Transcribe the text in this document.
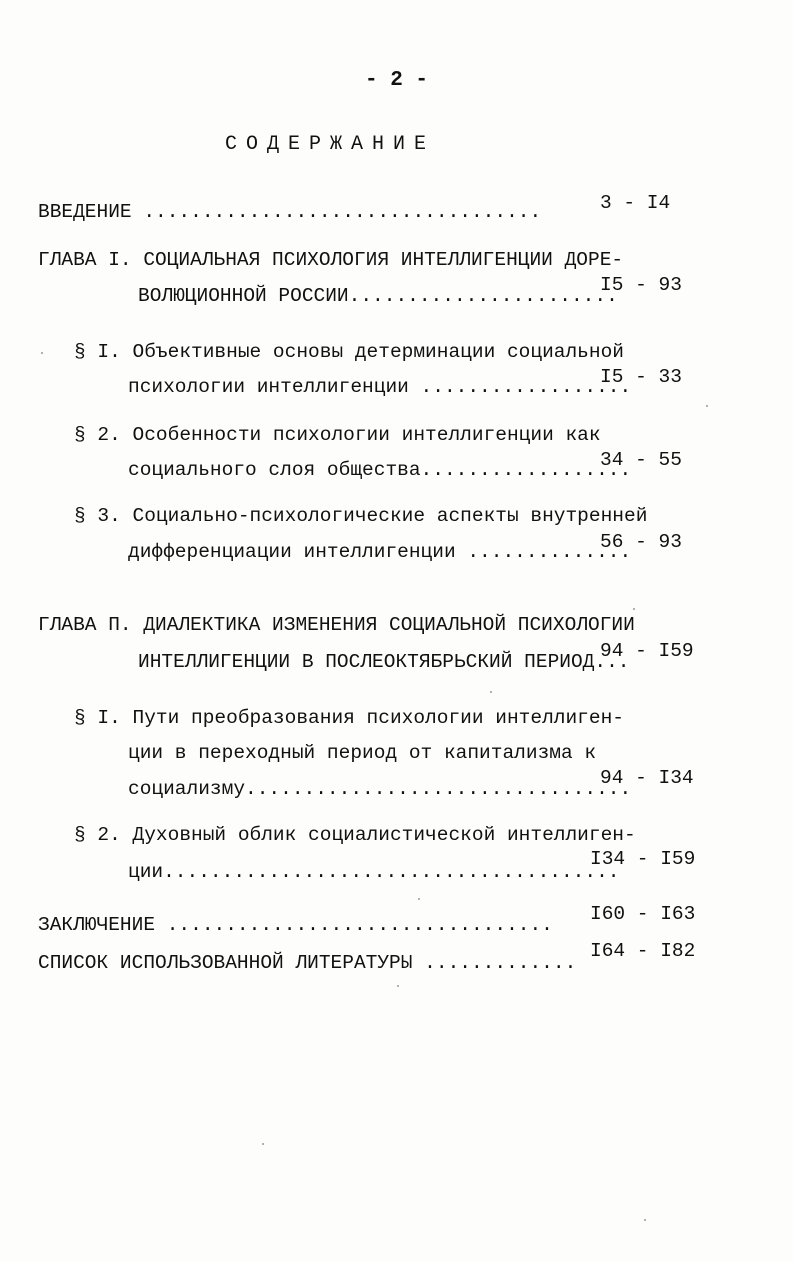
- 2 -
СОДЕРЖАНИЕ
ВВЕДЕНИЕ ..................................	3 - I4
ГЛАВА I. СОЦИАЛЬНАЯ ПСИХОЛОГИЯ ИНТЕЛЛИГЕНЦИИ ДОРЕ-
ВОЛЮЦИОННОЙ РОССИИ.......................
I5 - 93
§ I. Объективные основы детерминации социальной
психологии интеллигенции ..................
I5 - 33
§ 2. Особенности психологии интеллигенции как
социального слоя общества..................
34 - 55
§ 3. Социально-психологические аспекты внутренней
дифференциации интеллигенции ..............
56 - 93
ГЛАВА П. ДИАЛЕКТИКА ИЗМЕНЕНИЯ СОЦИАЛЬНОЙ ПСИХОЛОГИИ
ИНТЕЛЛИГЕНЦИИ В ПОСЛЕОКТЯБРЬСКИЙ ПЕРИОД...
94 - I59
§ I. Пути преобразования психологии интеллиген-
ции в переходный период от капитализма к
социализму.................................
94 - I34
§ 2. Духовный облик социалистической интеллиген-
ции.......................................
I34 - I59
ЗАКЛЮЧЕНИЕ ................................. I60 - I63
СПИСОК ИСПОЛЬЗОВАННОЙ ЛИТЕРАТУРЫ .............
I64 - I82
